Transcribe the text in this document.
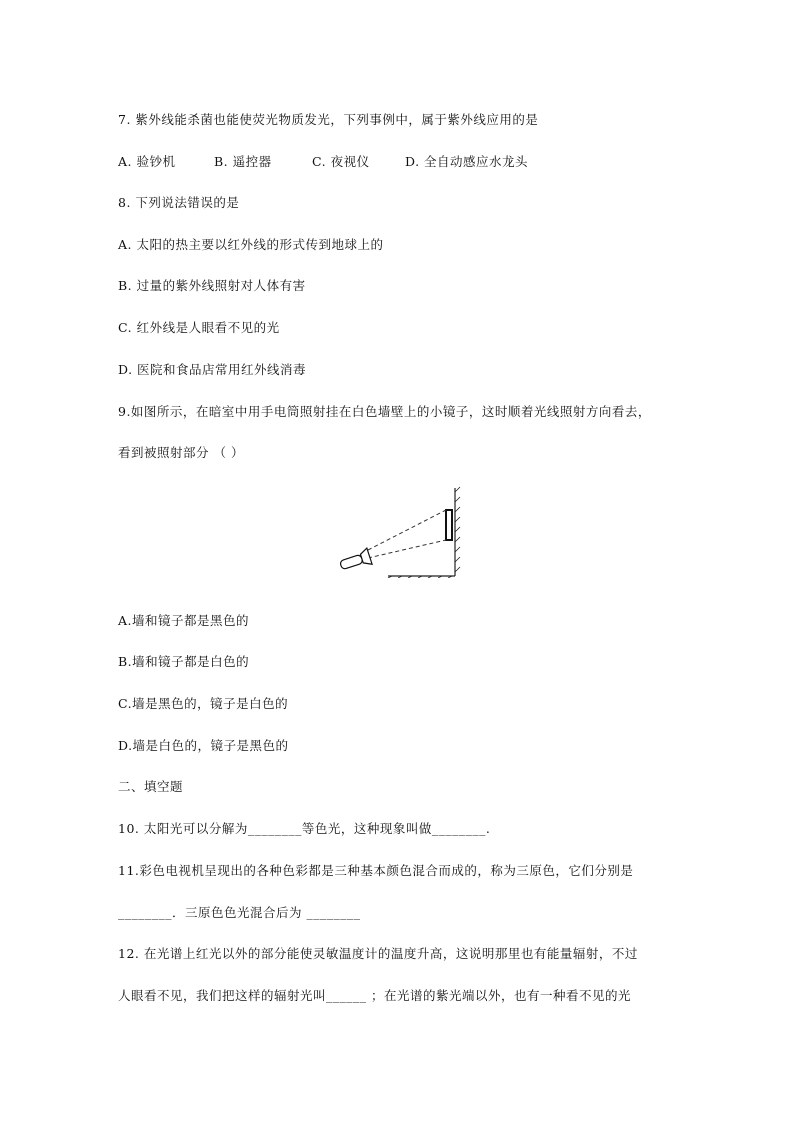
7. 紫外线能杀菌也能使荧光物质发光，下列事例中，属于紫外线应用的是
A. 验钞机	B. 遥控器	C. 夜视仪	D. 全自动感应水龙头
8. 下列说法错误的是
A. 太阳的热主要以红外线的形式传到地球上的
B. 过量的紫外线照射对人体有害
C. 红外线是人眼看不见的光
D. 医院和食品店常用红外线消毒
9.如图所示，在暗室中用手电筒照射挂在白色墙壁上的小镜子，这时顺着光线照射方向看去，
看到被照射部分 （ ）
A.墙和镜子都是黑色的
B.墙和镜子都是白色的
C.墙是黑色的，镜子是白色的
D.墙是白色的，镜子是黑色的
二、填空题
10. 太阳光可以分解为________等色光，这种现象叫做________.
11.彩色电视机呈现出的各种色彩都是三种基本颜色混合而成的，称为三原色，它们分别是
________．三原色色光混合后为 ________
12. 在光谱上红光以外的部分能使灵敏温度计的温度升高，这说明那里也有能量辐射，不过
人眼看不见，我们把这样的辐射光叫______ ；在光谱的紫光端以外，也有一种看不见的光
